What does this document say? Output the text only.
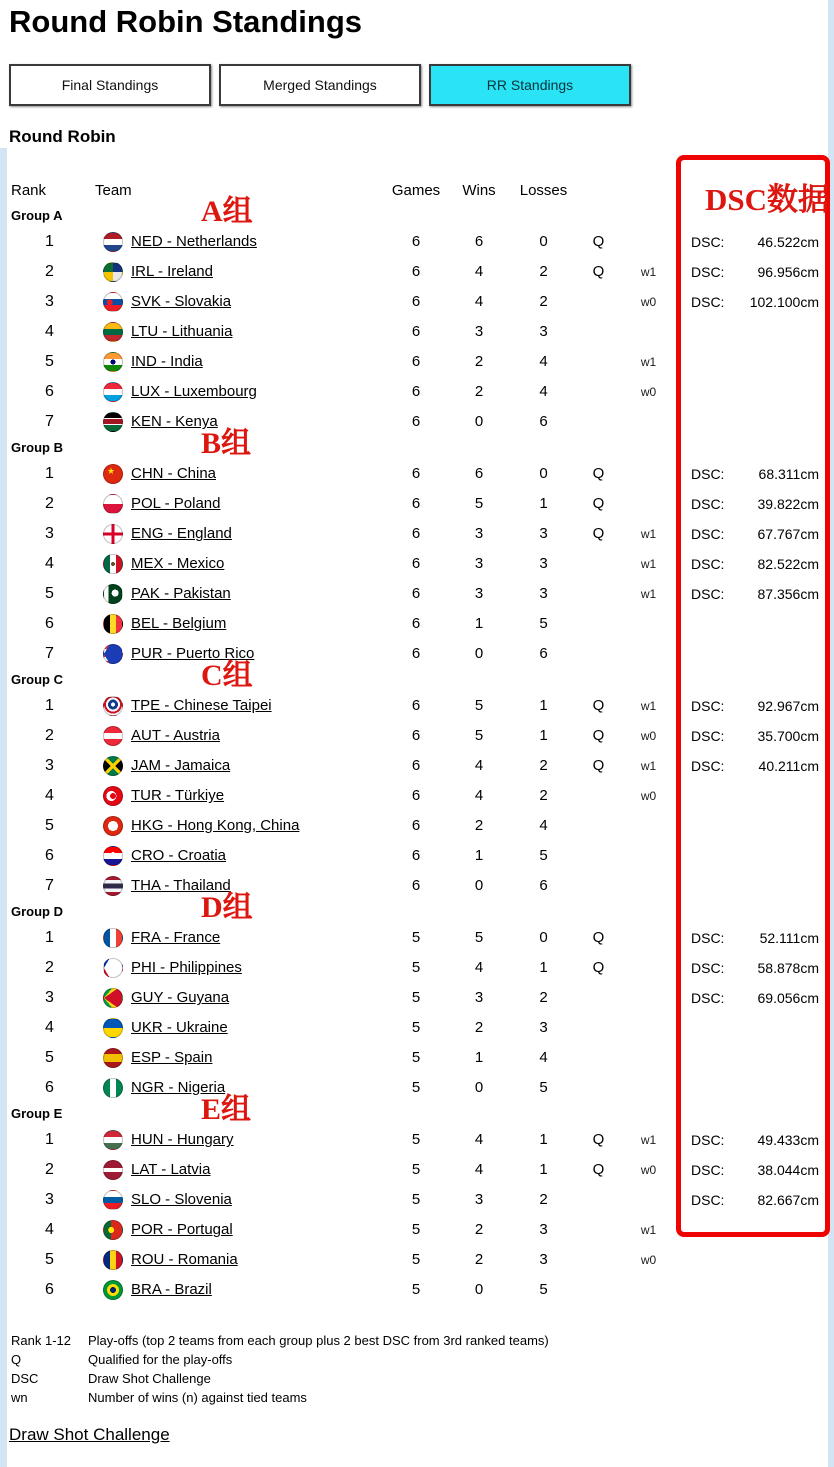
Round Robin Standings
Final Standings	Merged Standings	RR Standings
Round Robin
Rank	Team	Games	Wins	Losses
Group A	A组
1	NED - Netherlands	6	6	0	Q	DSC: 46.522cm
2	IRL - Ireland	6	4	2	Q	w1	DSC: 96.956cm
3	SVK - Slovakia	6	4	2	w0	DSC: 102.100cm
4	LTU - Lithuania	6	3	3
5	IND - India	6	2	4	w1
6	LUX - Luxembourg	6	2	4	w0
7	KEN - Kenya	6	0	6
Group B	B组
1 ★	CHN - China	6	6	0	Q	DSC: 68.311cm
2	POL - Poland	6	5	1	Q	DSC: 39.822cm
3	ENG - England	6	3	3	Q	w1	DSC: 67.767cm
4	MEX - Mexico	6	3	3	w1	DSC: 82.522cm
5	PAK - Pakistan	6	3	3	w1	DSC: 87.356cm
6	BEL - Belgium	6	1	5
7	PUR - Puerto Rico	6	0	6
Group C	C组
1	TPE - Chinese Taipei	6	5	1	Q	w1	DSC: 92.967cm
2	AUT - Austria	6	5	1	Q	w0	DSC: 35.700cm
3	JAM - Jamaica	6	4	2	Q	w1	DSC: 40.211cm
4	TUR - Türkiye	6	4	2	w0
5	HKG - Hong Kong, China	6	2	4
6	CRO - Croatia	6	1	5
7	THA - Thailand	6	0	6
Group D	D组
1	FRA - France	5	5	0	Q	DSC:	52.111cm
2	PHI - Philippines	5	4	1	Q	DSC: 58.878cm
3	GUY - Guyana	5	3	2	DSC: 69.056cm
4	UKR - Ukraine	5	2	3
5	ESP - Spain	5	1	4
6	NGR - Nigeria	5	0	5
Group E	E组
1	HUN - Hungary	5	4	1	Q	w1	DSC: 49.433cm
2	LAT - Latvia	5	4	1	Q	w0	DSC: 38.044cm
3	SLO - Slovenia	5	3	2	DSC: 82.667cm
4	POR - Portugal	5	2	3	w1
5	ROU - Romania	5	2	3	w0
6	BRA - Brazil	5	0	5
DSC数据
Rank 1-12	Play-offs (top 2 teams from each group plus 2 best DSC from 3rd ranked teams)
Q	Qualified for the play-offs
DSC	Draw Shot Challenge
wn	Number of wins (n) against tied teams
Draw Shot Challenge
